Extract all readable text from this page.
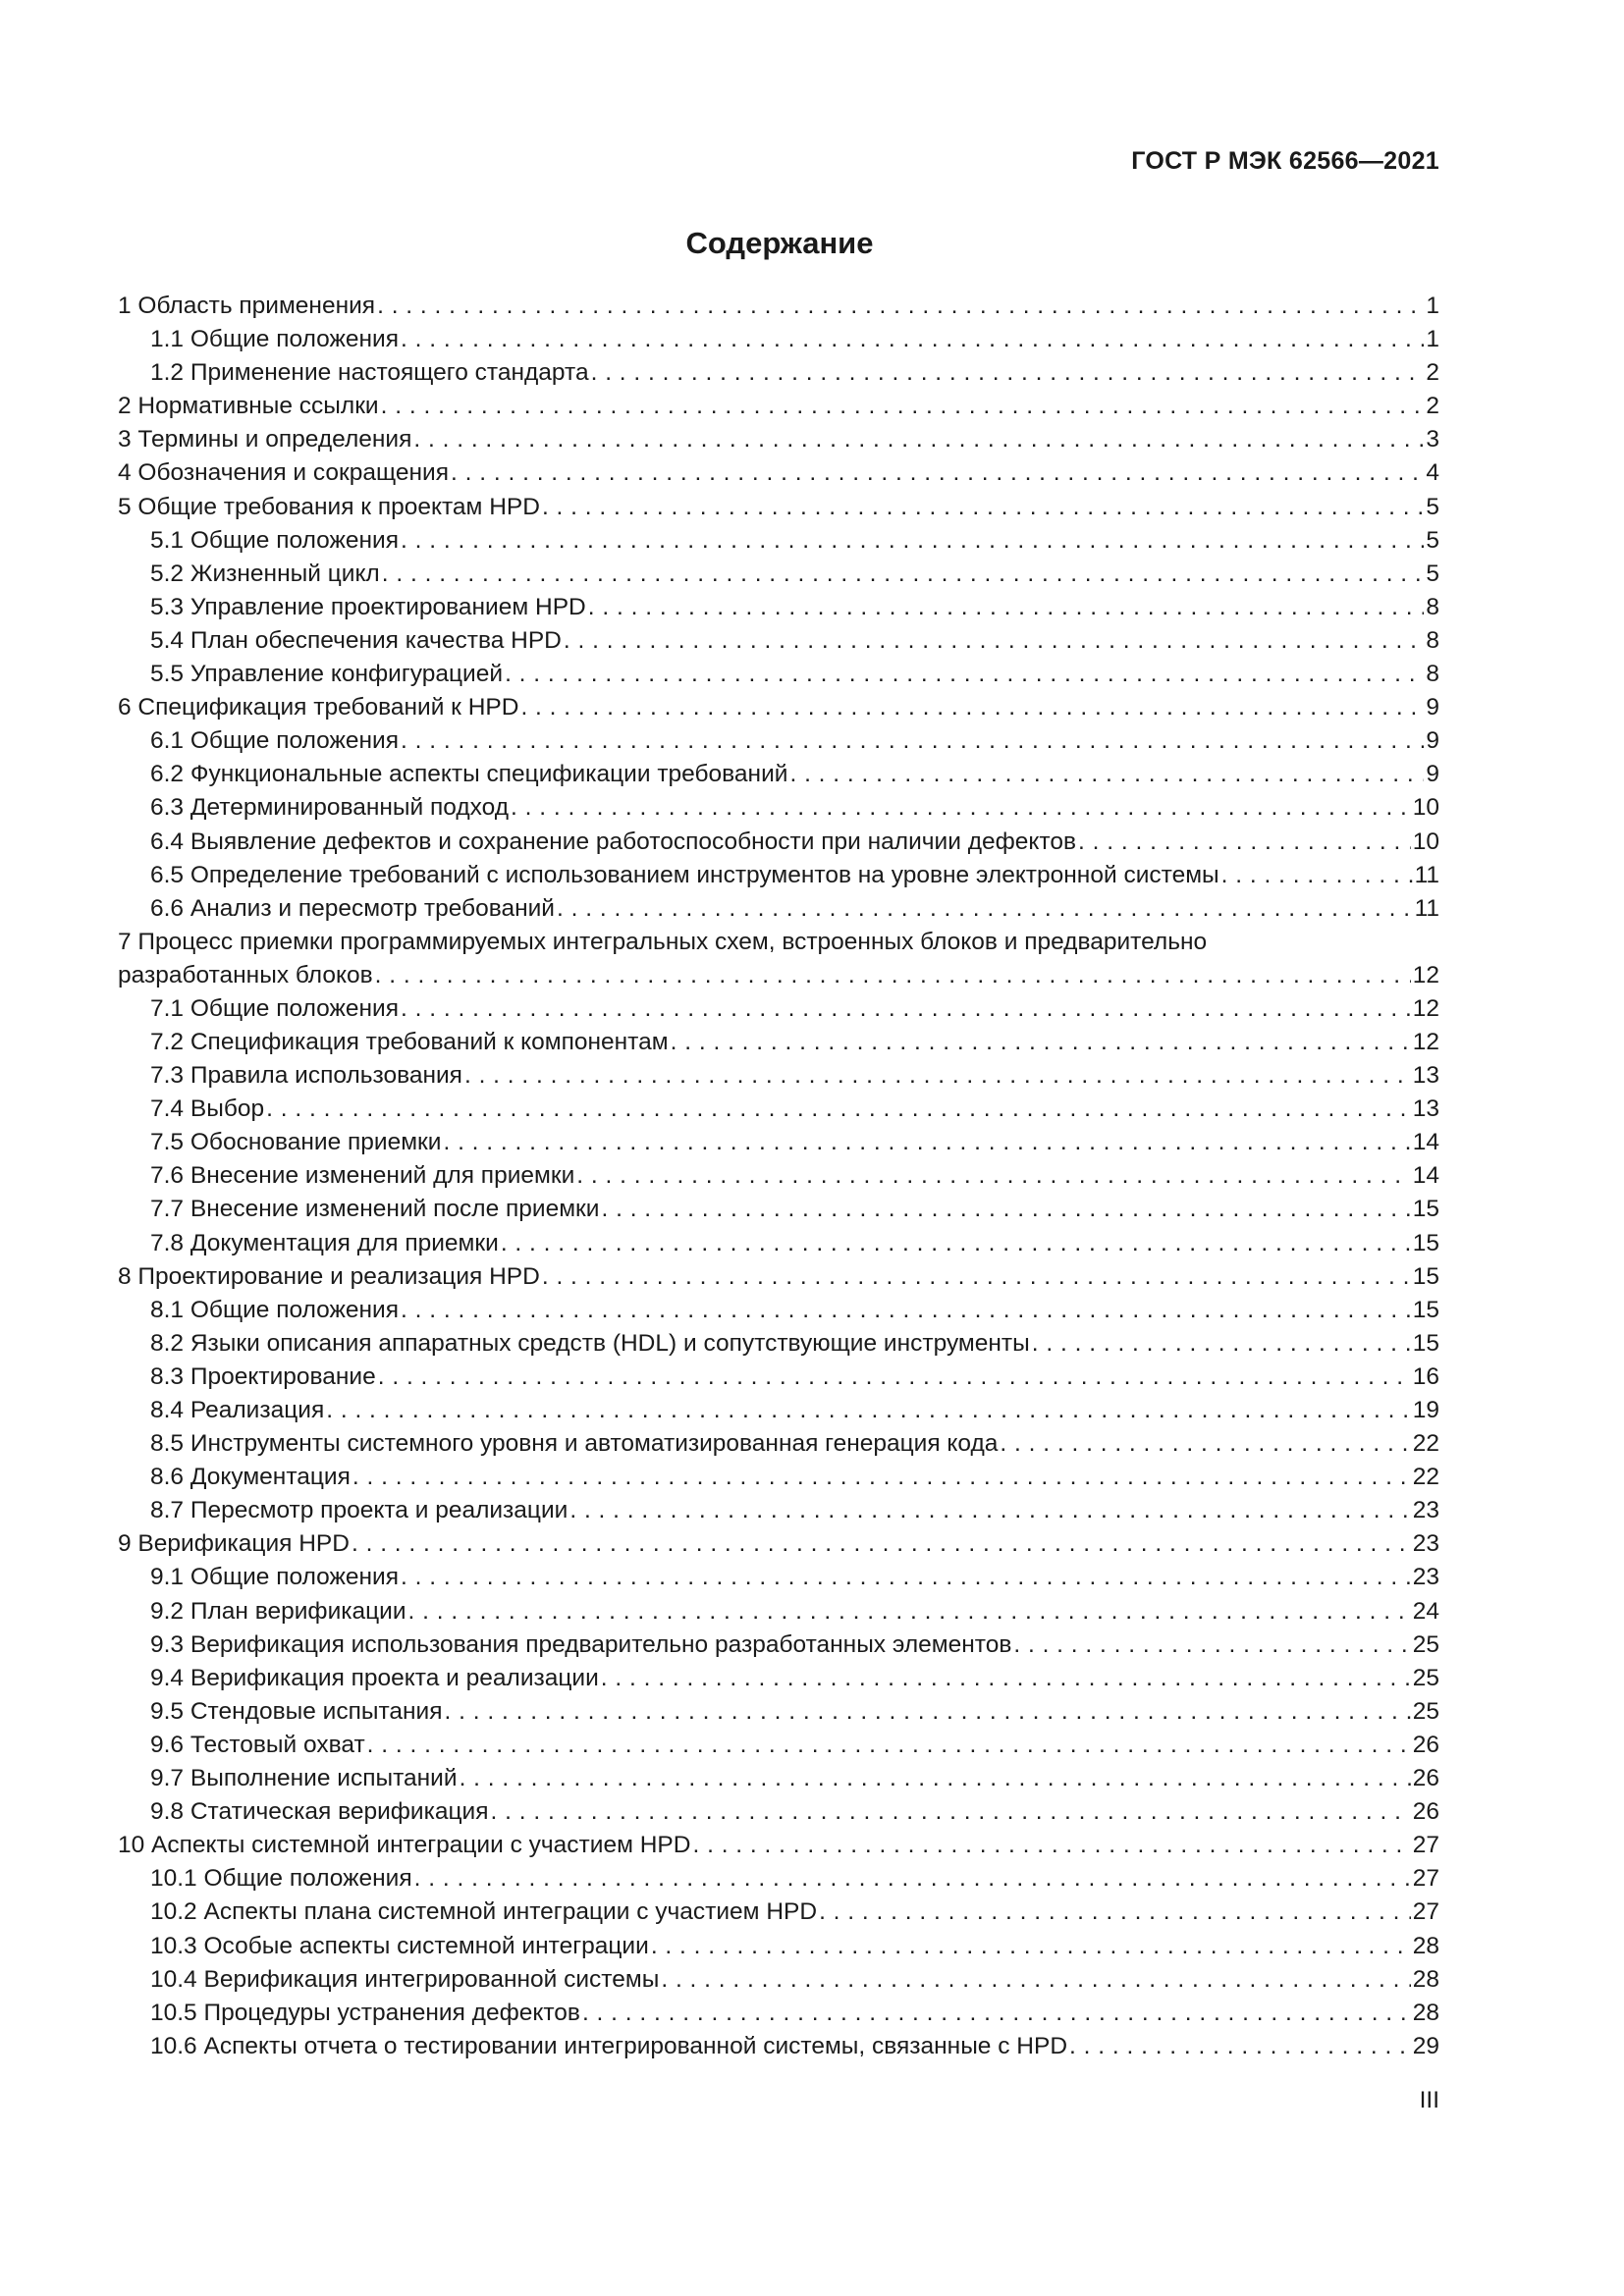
ГОСТ Р МЭК 62566—2021
Содержание
1 Область применения . . .	1
1.1 Общие положения . . .	1
1.2 Применение настоящего стандарта . . .	2
2 Нормативные ссылки . . .	2
3 Термины и определения . . .	3
4 Обозначения и сокращения . . .	4
5 Общие требования к проектам HPD . . .	5
5.1 Общие положения . . .	5
5.2 Жизненный цикл . . .	5
5.3 Управление проектированием HPD . . .	8
5.4 План обеспечения качества HPD . . .	8
5.5 Управление конфигурацией . . .	8
6 Спецификация требований к HPD . . .	9
6.1 Общие положения . . .	9
6.2 Функциональные аспекты спецификации требований . . .	9
6.3 Детерминированный подход . . .	10
6.4 Выявление дефектов и сохранение работоспособности при наличии дефектов . . .	10
6.5 Определение требований с использованием инструментов на уровне электронной системы . . .	11
6.6 Анализ и пересмотр требований . . .	11
7 Процесс приемки программируемых интегральных схем, встроенных блоков и предварительно
разработанных блоков . . .	12
7.1 Общие положения . . .	12
7.2 Спецификация требований к компонентам . . .	12
7.3 Правила использования . . .	13
7.4 Выбор . . .	13
7.5 Обоснование приемки . . .	14
7.6 Внесение изменений для приемки . . .	14
7.7 Внесение изменений после приемки . . .	15
7.8 Документация для приемки . . .	15
8 Проектирование и реализация HPD . . .	15
8.1 Общие положения . . .	15
8.2 Языки описания аппаратных средств (HDL) и сопутствующие инструменты . . .	15
8.3 Проектирование . . .	16
8.4 Реализация . . .	19
8.5 Инструменты системного уровня и автоматизированная генерация кода . . .	22
8.6 Документация . . .	22
8.7 Пересмотр проекта и реализации . . .	23
9 Верификация HPD . . .	23
9.1 Общие положения . . .	23
9.2 План верификации . . .	24
9.3 Верификация использования предварительно разработанных элементов . . .	25
9.4 Верификация проекта и реализации . . .	25
9.5 Стендовые испытания . . .	25
9.6 Тестовый охват . . .	26
9.7 Выполнение испытаний . . .	26
9.8 Статическая верификация . . .	26
10 Аспекты системной интеграции с участием HPD . . .	27
10.1 Общие положения . . .	27
10.2 Аспекты плана системной интеграции с участием HPD . . .	27
10.3 Особые аспекты системной интеграции . . .	28
10.4 Верификация интегрированной системы . . .	28
10.5 Процедуры устранения дефектов . . .	28
10.6 Аспекты отчета о тестировании интегрированной системы, связанные с HPD . . .	29
III
